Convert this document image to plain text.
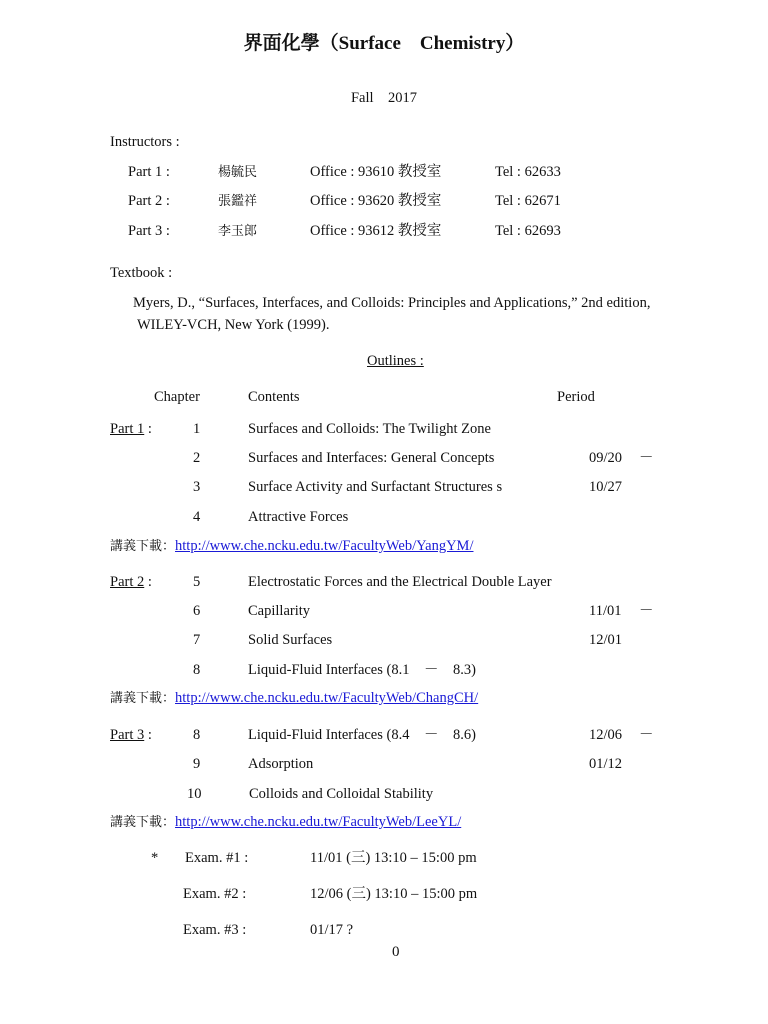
界面化學（Surface　Chemistry）
Fall　2017
Instructors :
Part 1 :	楊毓民	Office : 93610 教授室	Tel : 62633
Part 2 :	張鑑祥	Office : 93620 教授室	Tel : 62671
Part 3 :	李玉郎	Office : 93612 教授室	Tel : 62693
Textbook :
Myers, D., “Surfaces, Interfaces, and Colloids: Principles and Applications,” 2nd edition,
WILEY-VCH, New York (1999).
Outlines :
Chapter	Contents	Period
Part 1 :	1	Surfaces and Colloids: The Twilight Zone
2	Surfaces and Interfaces: General Concepts	09/20 －
3	Surface Activity and Surfactant Structures s	10/27
4	Attractive Forces
講義下載：http://www.che.ncku.edu.tw/FacultyWeb/YangYM/
Part 2 :	5	Electrostatic Forces and the Electrical Double Layer
6	Capillarity	11/01 －
7	Solid Surfaces	12/01
8	Liquid-Fluid Interfaces (8.1　－　8.3)
講義下載：http://www.che.ncku.edu.tw/FacultyWeb/ChangCH/
Part 3 :	8	Liquid-Fluid Interfaces (8.4　－　8.6)	12/06 －
9	Adsorption	01/12
10	Colloids and Colloidal Stability
講義下載：http://www.che.ncku.edu.tw/FacultyWeb/LeeYL/
* Exam. #1 :	11/01 (三) 13:10 – 15:00 pm
Exam. #2 :	12/06 (三) 13:10 – 15:00 pm
Exam. #3 :	01/17 ?
0
